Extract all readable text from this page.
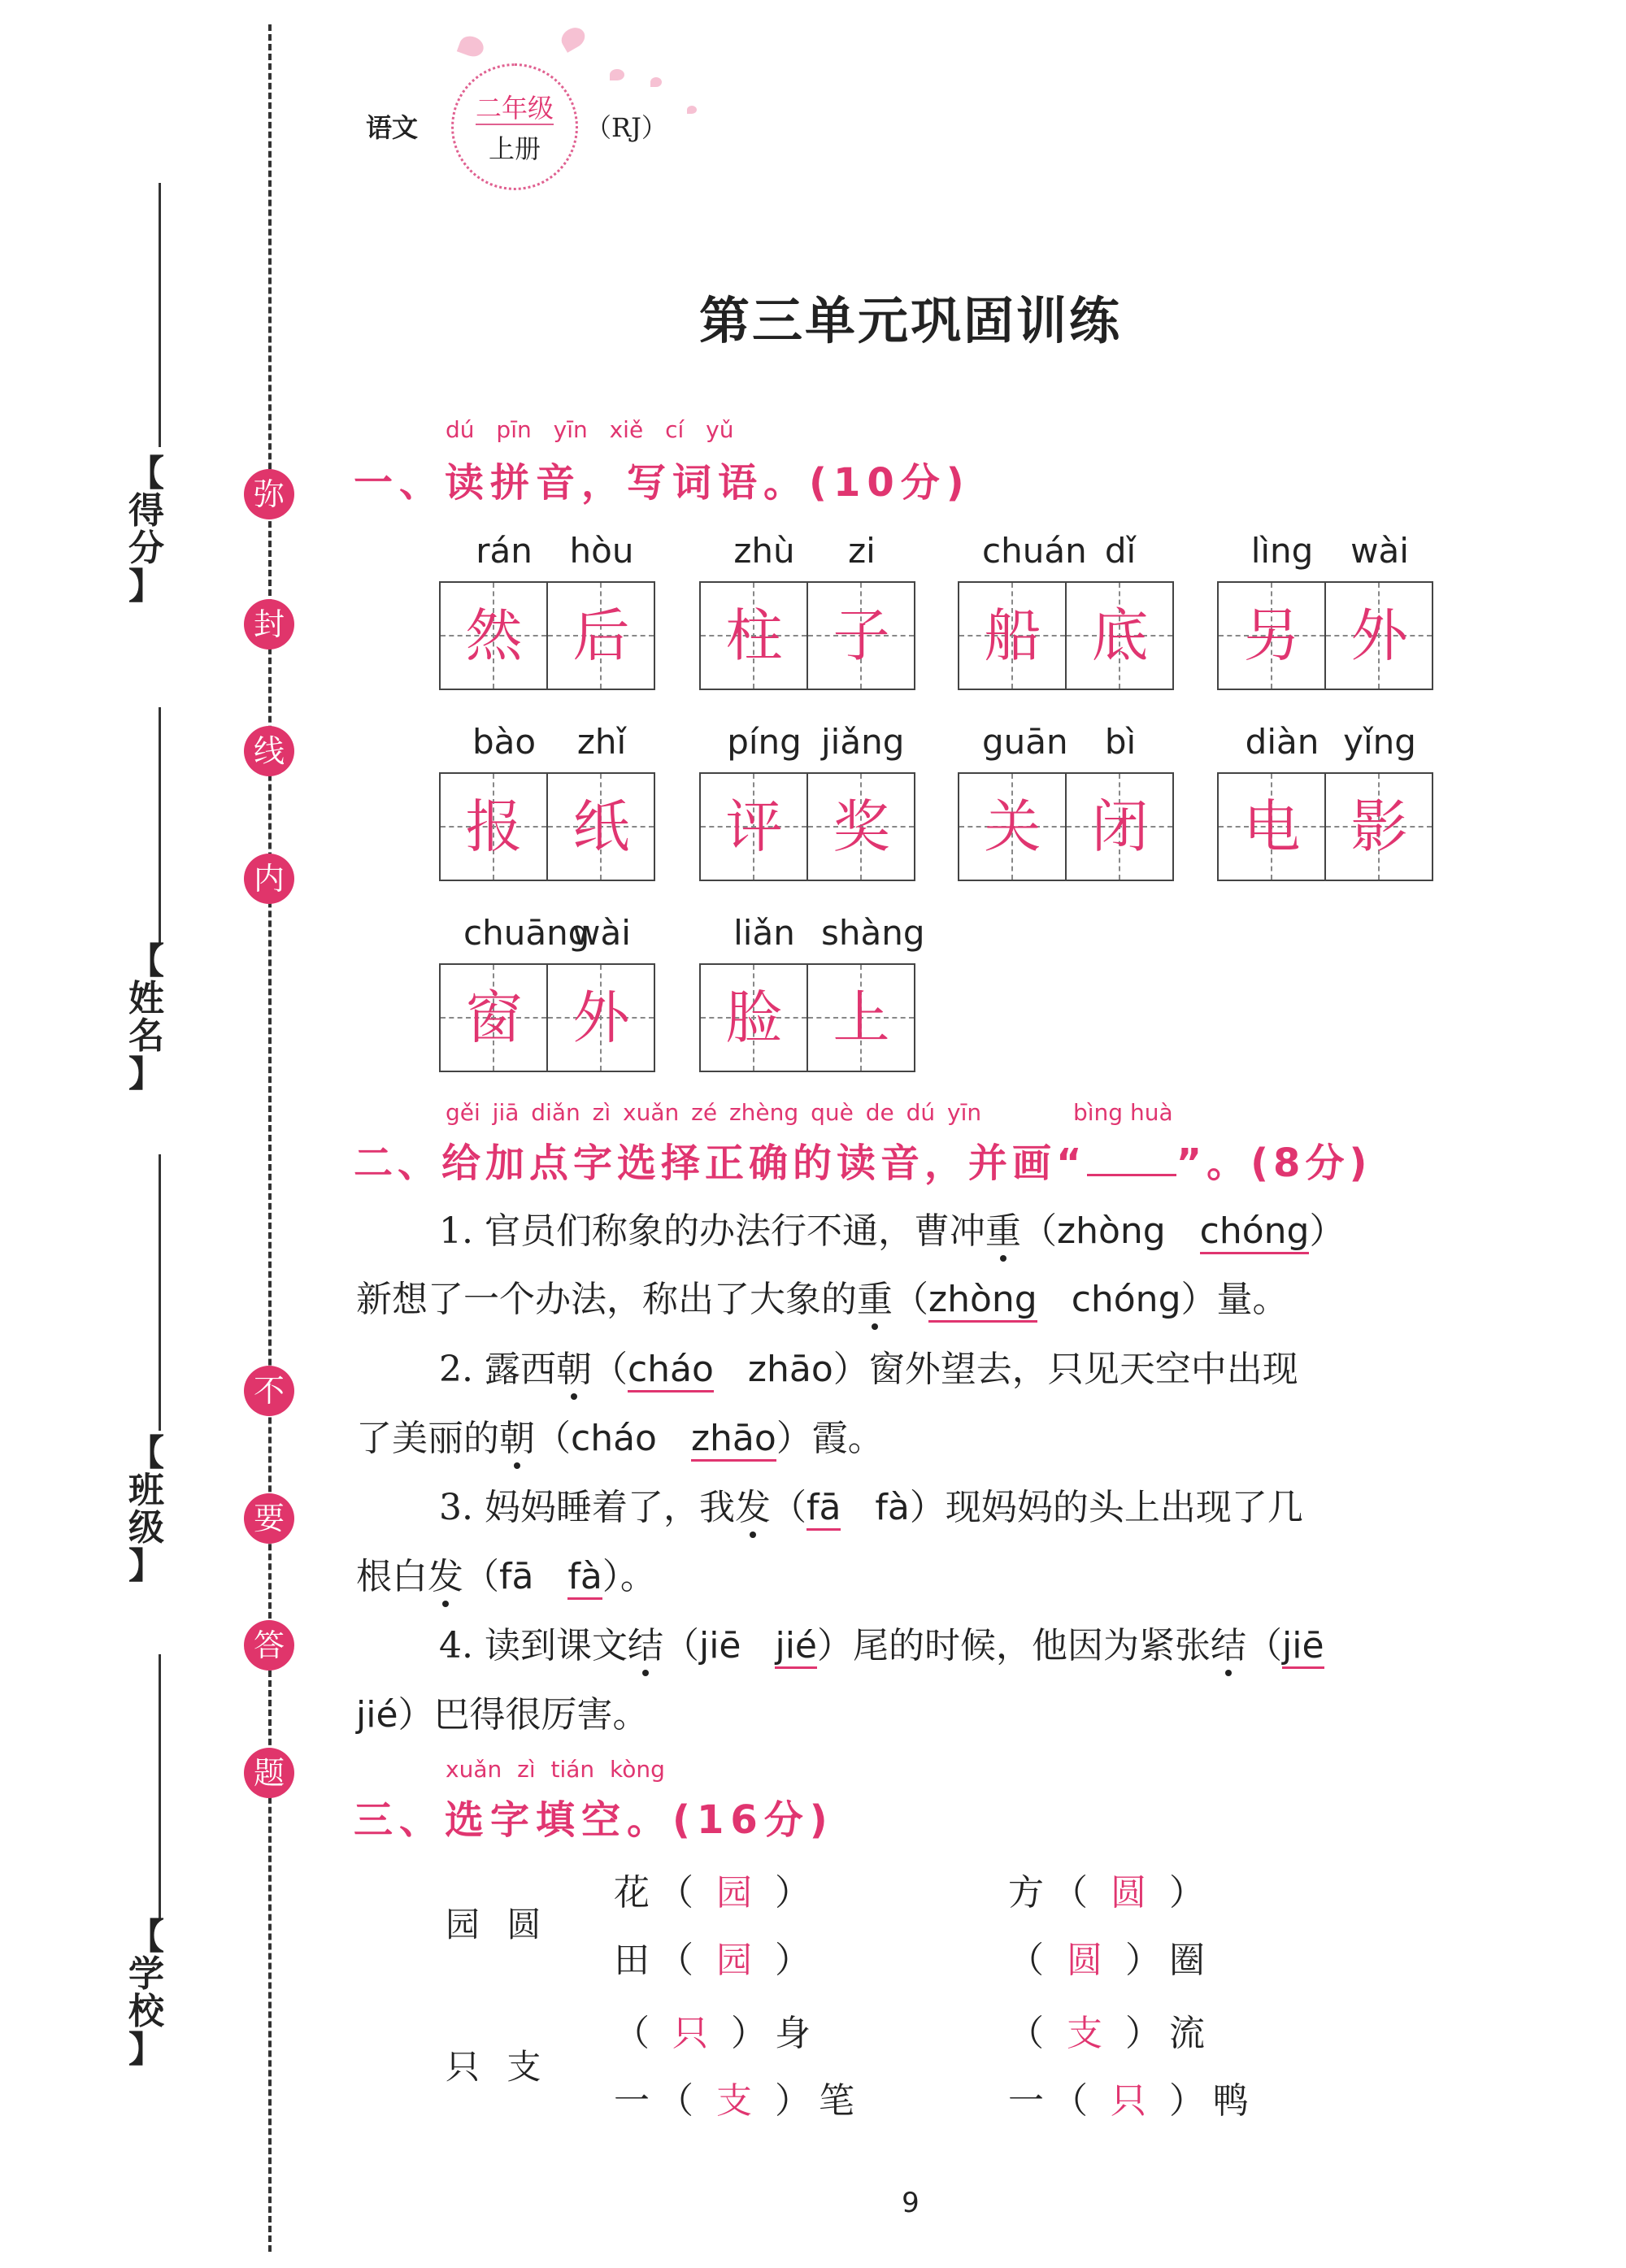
弥
封
线
内
不
要
答
题
【
得
分
】
【
姓
名
】
【
班
级
】
【
学
校
】
语文
二年级
上册
（RJ）
第三单元巩固训练
dú pīn yīn xiě cí yǔ
一、读拼音，写词语。(10分)
rán	hòu
然 后
zhù	zi
柱 子
chuán dǐ
船 底
lìng	wài
另 外
bào	zhǐ
报 纸
píng jiǎng
评 奖
guān	bì
关 闭
diàn yǐng
电 影
chuāng
wài
窗 外
liǎn shàng
脸 上
gěi jiā diǎn zì xuǎn zé zhèng què de dú yīn	bìng huà
二、给加点字选择正确的读音，并画“ ”。(8分)
1. 官员们称象的办法行不通，曹冲重（zhòng chóng）
新想了一个办法，称出了大象的重（zhòng chóng）量。
2. 露西朝（cháo zhāo）窗外望去，只见天空中出现
了美丽的朝（cháo zhāo）霞。
3. 妈妈睡着了，我发（fā fà）现妈妈的头上出现了几
根白发（fā fà）。
4. 读到课文结（jiē jié）尾的时候，他因为紧张结（jiē
jié）巴得很厉害。
xuǎn zì tián kòng
三、选字填空。(16分)
园 圆
只 支
花（ 园 ）	方（ 圆 ）
田（ 园 ）	（ 圆 ）圈
（ 只 ）身	（ 支 ）流
一（ 支 ）笔	一（ 只 ）鸭
9
